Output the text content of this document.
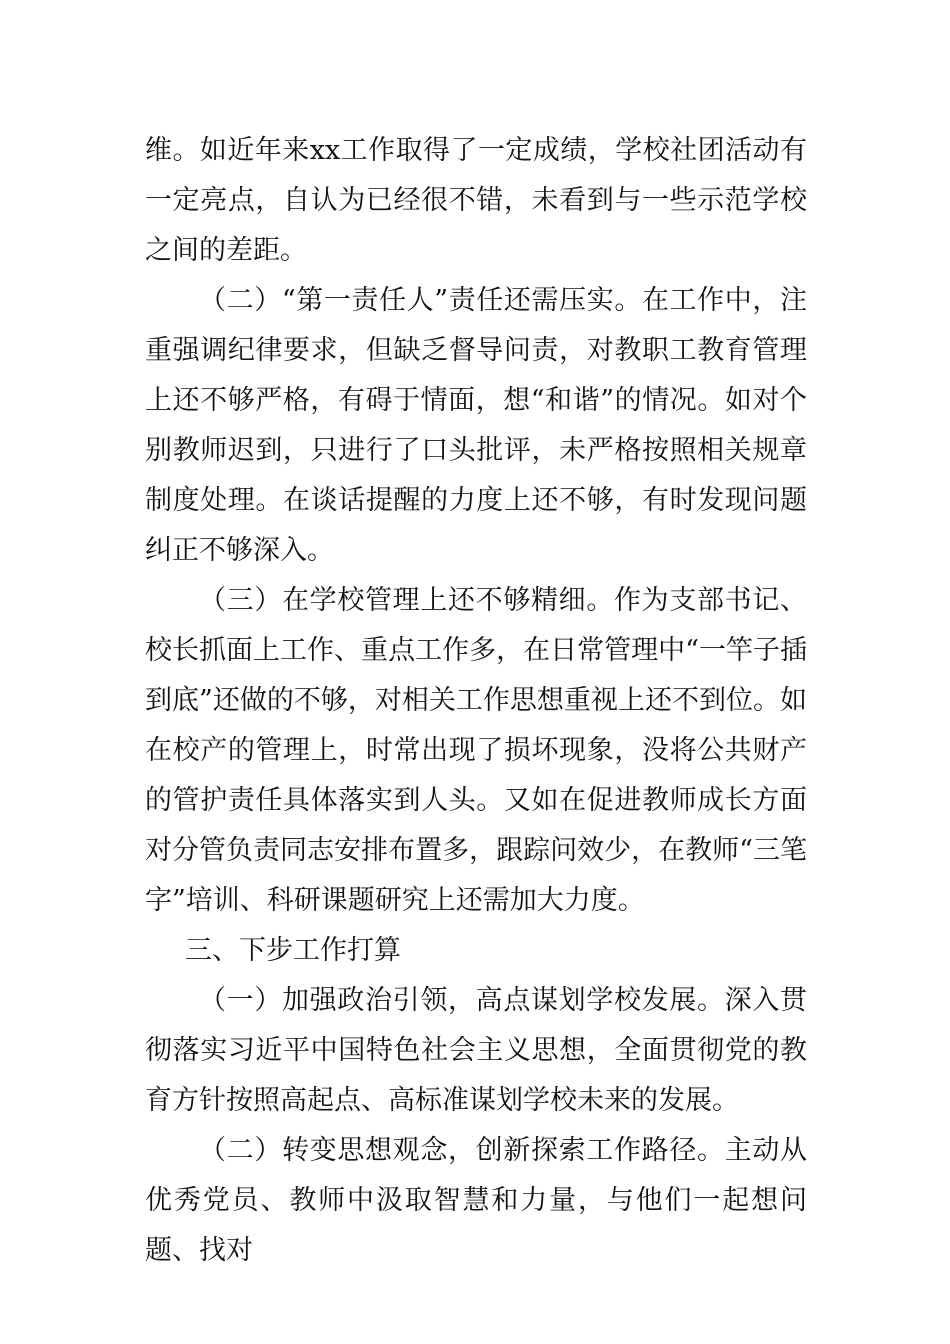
维。如近年来xx工作取得了一定成绩，学校社团活动有一定亮点，自认为已经很不错，未看到与一些示范学校之间的差距。

（二）“第一责任人”责任还需压实。在工作中，注重强调纪律要求，但缺乏督导问责，对教职工教育管理上还不够严格，有碍于情面，想“和谐”的情况。如对个别教师迟到，只进行了口头批评，未严格按照相关规章制度处理。在谈话提醒的力度上还不够，有时发现问题纠正不够深入。

（三）在学校管理上还不够精细。作为支部书记、校长抓面上工作、重点工作多，在日常管理中“一竿子插到底”还做的不够，对相关工作思想重视上还不到位。如在校产的管理上，时常出现了损坏现象，没将公共财产的管护责任具体落实到人头。又如在促进教师成长方面对分管负责同志安排布置多，跟踪问效少，在教师“三笔字”培训、科研课题研究上还需加大力度。

三、下步工作打算

（一）加强政治引领，高点谋划学校发展。深入贯彻落实习近平中国特色社会主义思想，全面贯彻党的教育方针按照高起点、高标准谋划学校未来的发展。

（二）转变思想观念，创新探索工作路径。主动从优秀党员、教师中汲取智慧和力量，与他们一起想问题、找对
